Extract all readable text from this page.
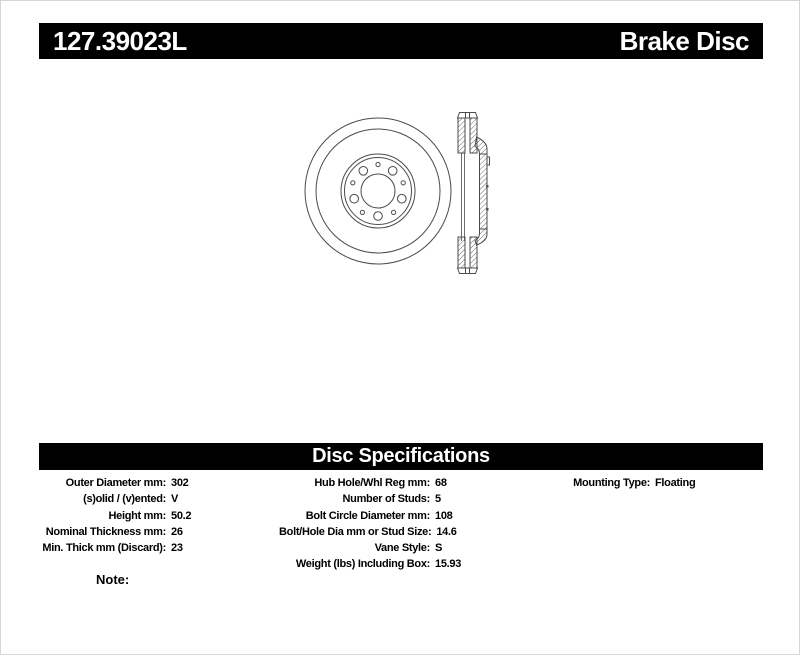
127.39023L	Brake Disc
Disc Specifications
Outer Diameter mm: 302
(s)olid / (v)ented: V
Height mm: 50.2
Nominal Thickness mm: 26
Min. Thick mm (Discard): 23
Hub Hole/Whl Reg mm: 68
Number of Studs: 5
Bolt Circle Diameter mm: 108
Bolt/Hole Dia mm or Stud Size: 14.6
Vane Style: S
Weight (lbs) Including Box: 15.93
Mounting Type: Floating
Note:
